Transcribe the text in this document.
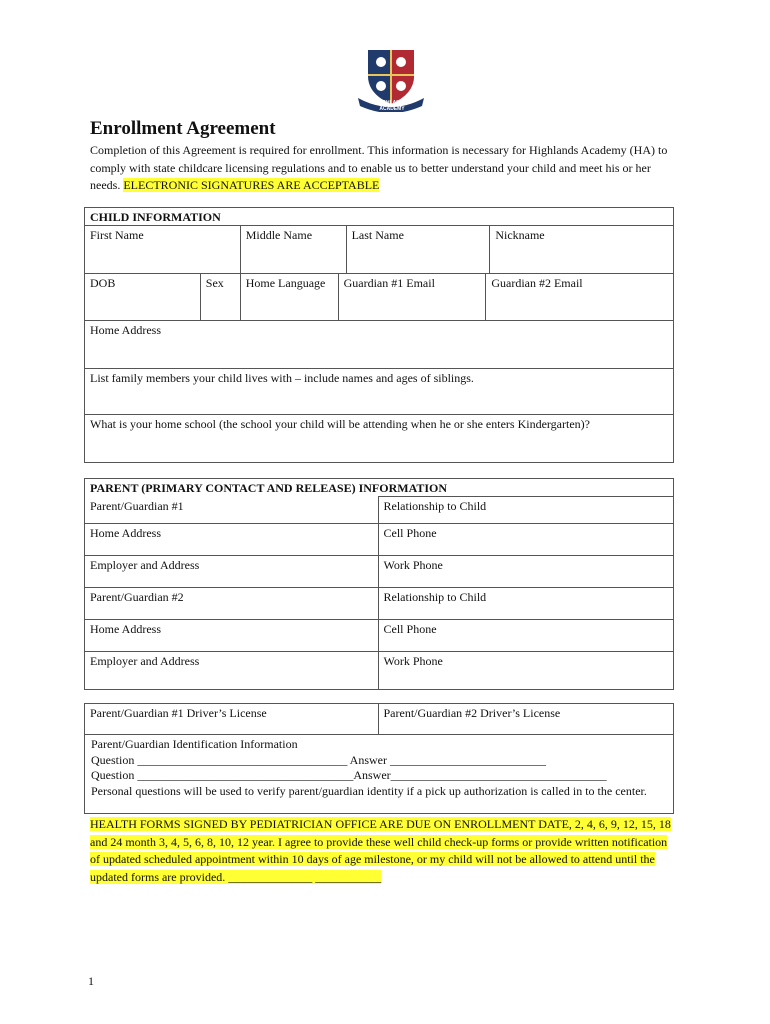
HIGHLANDS ACADEMY
Enrollment Agreement
Completion of this Agreement is required for enrollment. This information is necessary for Highlands Academy (HA) to comply with state childcare licensing regulations and to enable us to better understand your child and meet his or her needs. ELECTRONIC SIGNATURES ARE ACCEPTABLE
CHILD INFORMATION						
First Name		Middle Name		Last Name		Nickname
DOB	Sex	Home Language	Guardian #1 Email		Guardian #2 Email	
Home Address						
List family members your child lives with – include names and ages of siblings.						
What is your home school (the school your child will be attending when he or she enters Kindergarten)?						
PARENT (PRIMARY CONTACT AND RELEASE) INFORMATION	
Parent/Guardian #1	Relationship to Child
Home Address	Cell Phone
Employer and Address	Work Phone
Parent/Guardian #2	Relationship to Child
Home Address	Cell Phone
Employer and Address	Work Phone
Parent/Guardian #1 Driver’s License	Parent/Guardian #2 Driver’s License
Parent/Guardian Identification Information
Question ___________________________________ Answer __________________________
Question ____________________________________Answer____________________________________
Personal questions will be used to verify parent/guardian identity if a pick up authorization is called in to the center.
HEALTH FORMS SIGNED BY PEDIATRICIAN OFFICE ARE DUE ON ENROLLMENT DATE, 2, 4, 6, 9, 12, 15, 18 and 24 month 3, 4, 5, 6, 8, 10, 12 year. I agree to provide these well child check-up forms or provide written notification of updated scheduled appointment within 10 days of age milestone, or my child will not be allowed to attend until the updated forms are provided. ______________ ___________
1
